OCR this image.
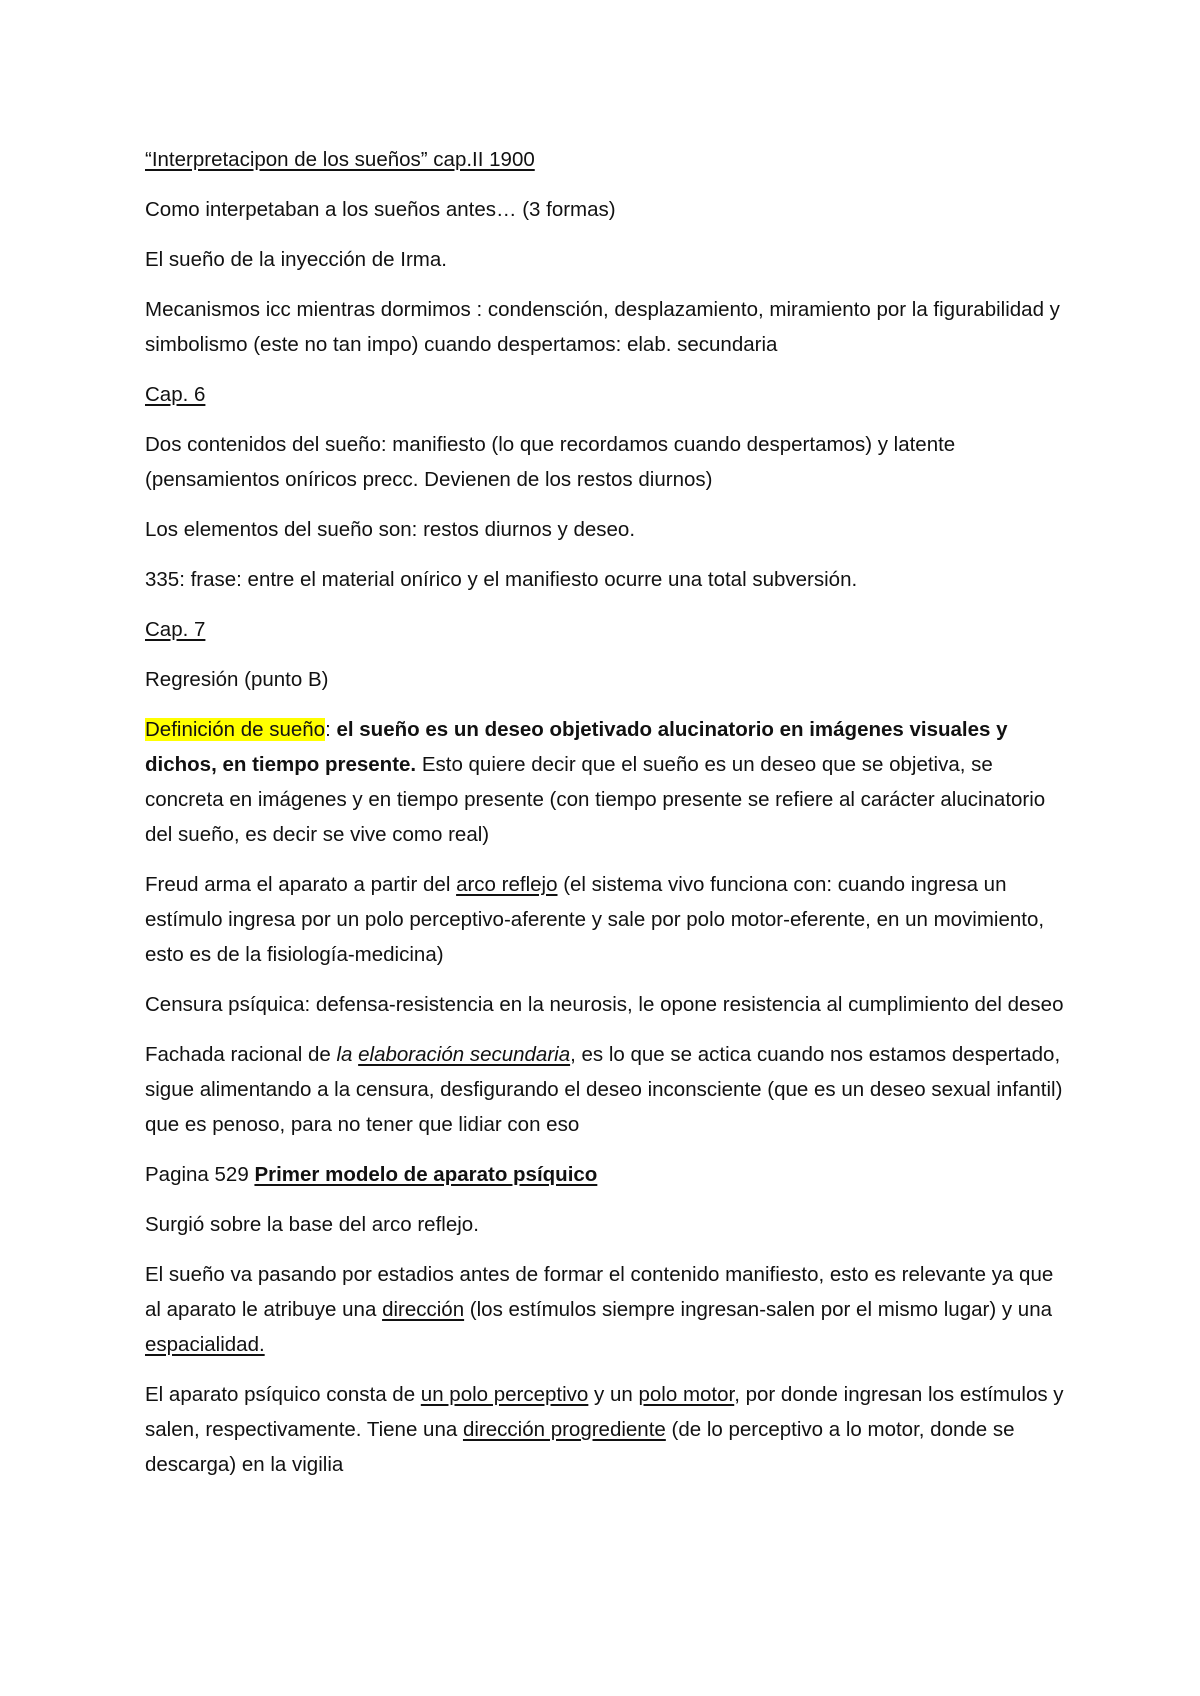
“Interpretacipon de los sueños” cap.II 1900

Como interpetaban a los sueños antes… (3 formas)

El sueño de la inyección de Irma.

Mecanismos icc mientras dormimos : condensción, desplazamiento, miramiento por la figurabilidad y simbolismo (este no tan impo) cuando despertamos: elab. secundaria

Cap. 6

Dos contenidos del sueño: manifiesto (lo que recordamos cuando despertamos) y latente (pensamientos oníricos precc. Devienen de los restos diurnos)

Los elementos del sueño son: restos diurnos y deseo.

335: frase: entre el material onírico y el manifiesto ocurre una total subversión.

Cap. 7

Regresión (punto B)

Definición de sueño: el sueño es un deseo objetivado alucinatorio en imágenes visuales y dichos, en tiempo presente. Esto quiere decir que el sueño es un deseo que se objetiva, se concreta en imágenes y en tiempo presente (con tiempo presente se refiere al carácter alucinatorio del sueño, es decir se vive como real)

Freud arma el aparato a partir del arco reflejo (el sistema vivo funciona con: cuando ingresa un estímulo ingresa por un polo perceptivo-aferente y sale por polo motor-eferente, en un movimiento, esto es de la fisiología-medicina)

Censura psíquica: defensa-resistencia en la neurosis, le opone resistencia al cumplimiento del deseo

Fachada racional de la elaboración secundaria, es lo que se actica cuando nos estamos despertado, sigue alimentando a la censura, desfigurando el deseo inconsciente (que es un deseo sexual infantil) que es penoso, para no tener que lidiar con eso

Pagina 529 Primer modelo de aparato psíquico

Surgió sobre la base del arco reflejo.

El sueño va pasando por estadios antes de formar el contenido manifiesto, esto es relevante ya que al aparato le atribuye una dirección (los estímulos siempre ingresan-salen por el mismo lugar) y una espacialidad.

El aparato psíquico consta de un polo perceptivo y un polo motor, por donde ingresan los estímulos y salen, respectivamente. Tiene una dirección progrediente (de lo perceptivo a lo motor, donde se descarga) en la vigilia
